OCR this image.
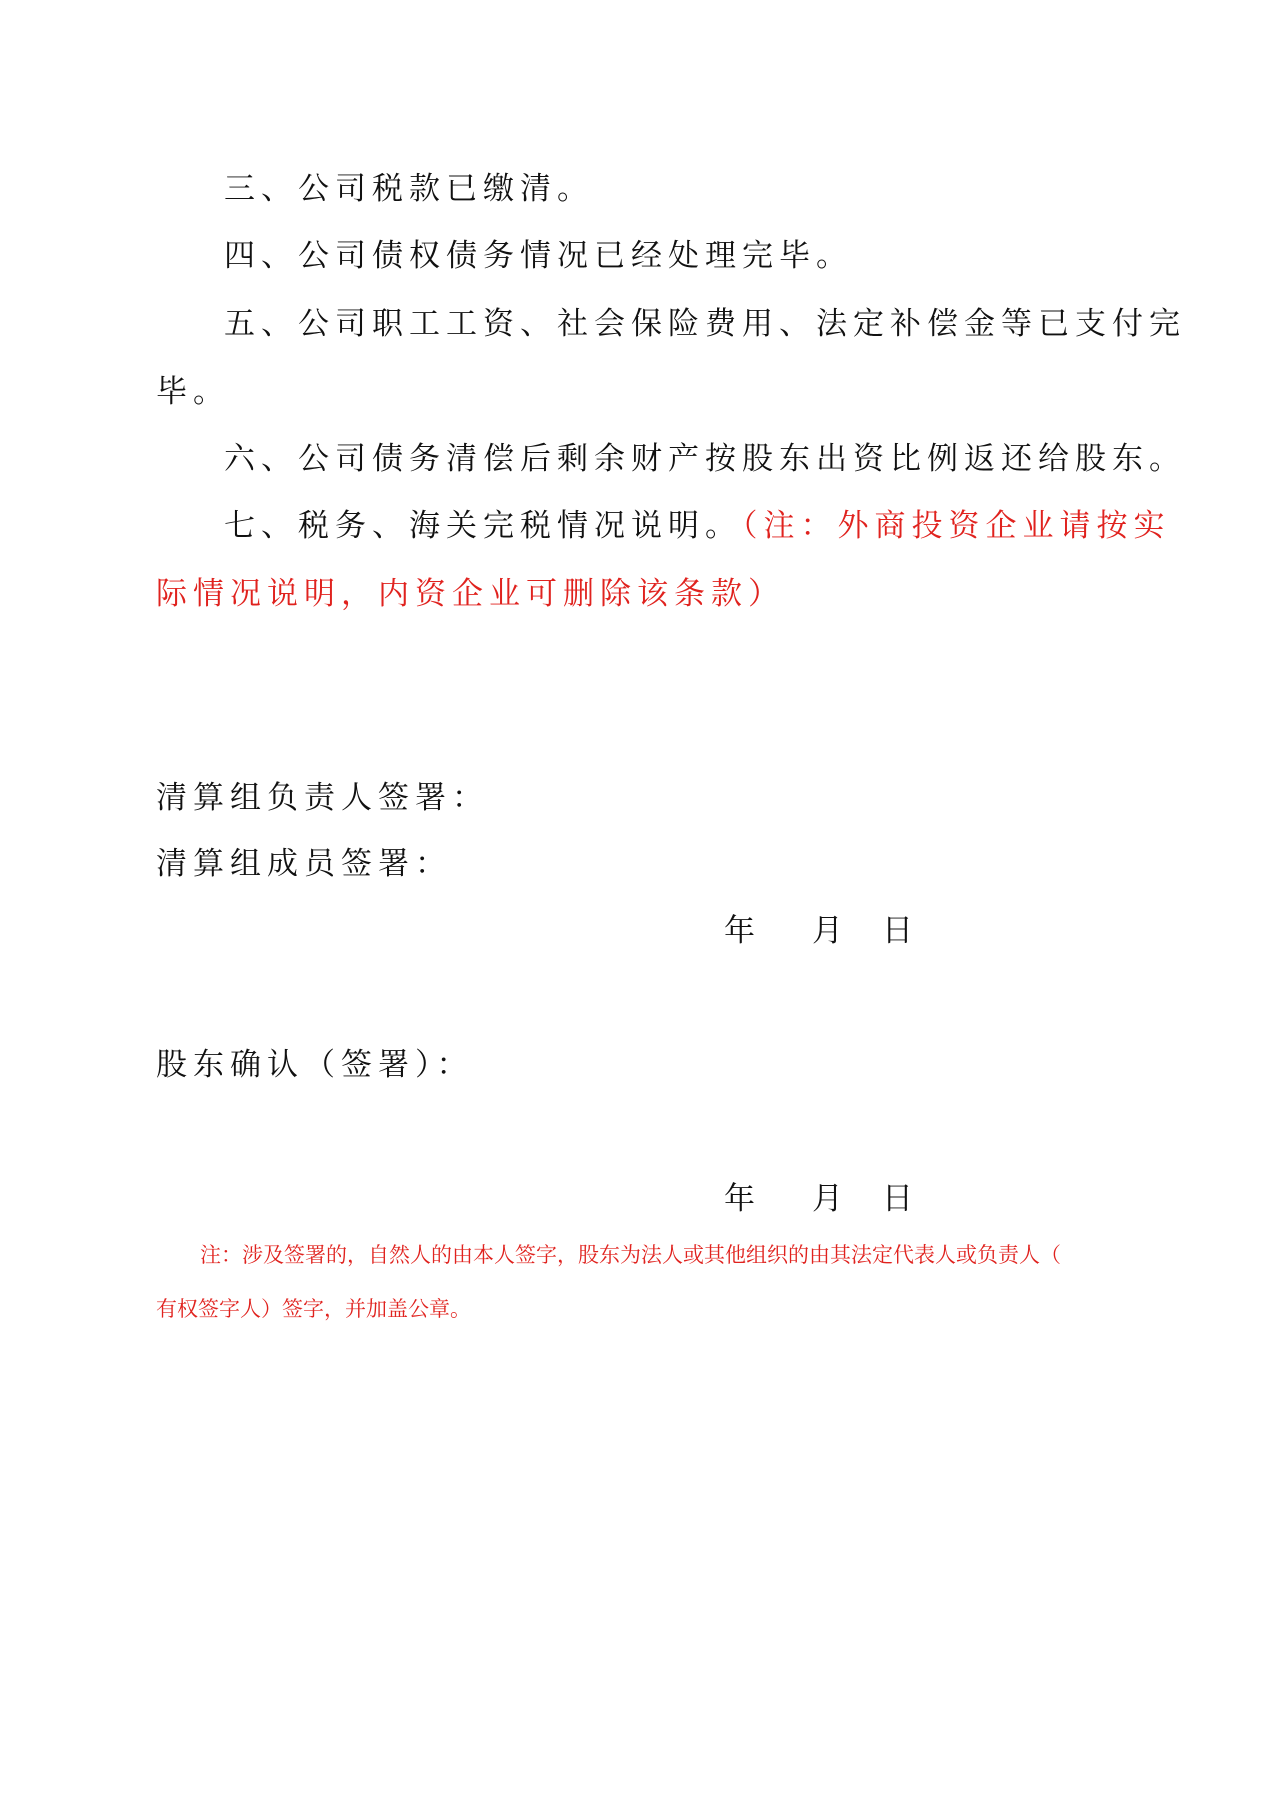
三、公司税款已缴清。
四、公司债权债务情况已经处理完毕。
五、公司职工工资、社会保险费用、法定补偿金等已支付完
毕。
六、公司债务清偿后剩余财产按股东出资比例返还给股东。
七、税务、海关完税情况说明。（注：外商投资企业请按实
际情况说明，内资企业可删除该条款）
清算组负责人签署：
清算组成员签署：
年 月 日
股东确认（签署）：
年 月 日
注：涉及签署的，自然人的由本人签字，股东为法人或其他组织的由其法定代表人或负责人（
有权签字人）签字，并加盖公章。
